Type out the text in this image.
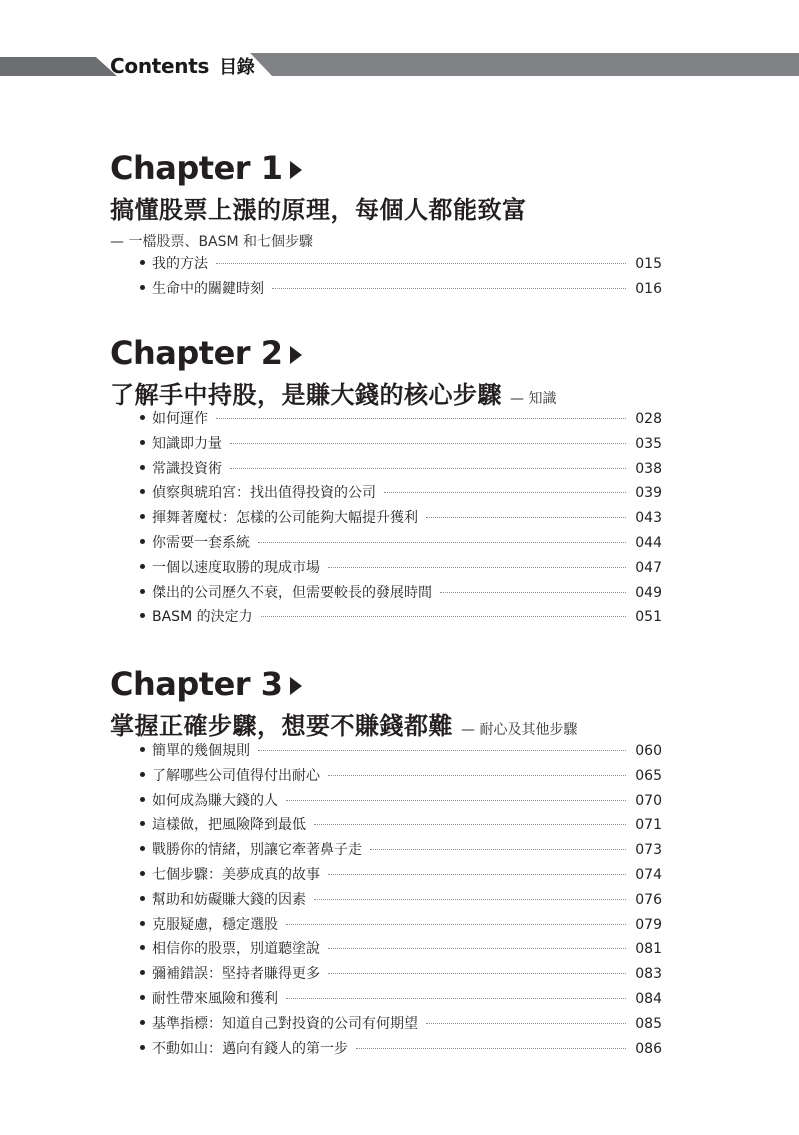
Contents 目錄
Chapter 1
搞懂股票上漲的原理，每個人都能致富
— 一檔股票、BASM 和七個步驟
我的方法	015
生命中的關鍵時刻	016
Chapter 2
了解手中持股，是賺大錢的核心步驟 — 知識
如何運作	028
知識即力量	035
常識投資術	038
偵察與琥珀宮：找出值得投資的公司	039
揮舞著魔杖：怎樣的公司能夠大幅提升獲利	043
你需要一套系統	044
一個以速度取勝的現成市場	047
傑出的公司歷久不衰，但需要較長的發展時間	049
BASM 的決定力	051
Chapter 3
掌握正確步驟，想要不賺錢都難 — 耐心及其他步驟
簡單的幾個規則	060
了解哪些公司值得付出耐心	065
如何成為賺大錢的人	070
這樣做，把風險降到最低	071
戰勝你的情緒，別讓它牽著鼻子走	073
七個步驟：美夢成真的故事	074
幫助和妨礙賺大錢的因素	076
克服疑慮，穩定選股	079
相信你的股票，別道聽塗說	081
彌補錯誤：堅持者賺得更多	083
耐性帶來風險和獲利	084
基準指標：知道自己對投資的公司有何期望	085
不動如山：邁向有錢人的第一步	086
